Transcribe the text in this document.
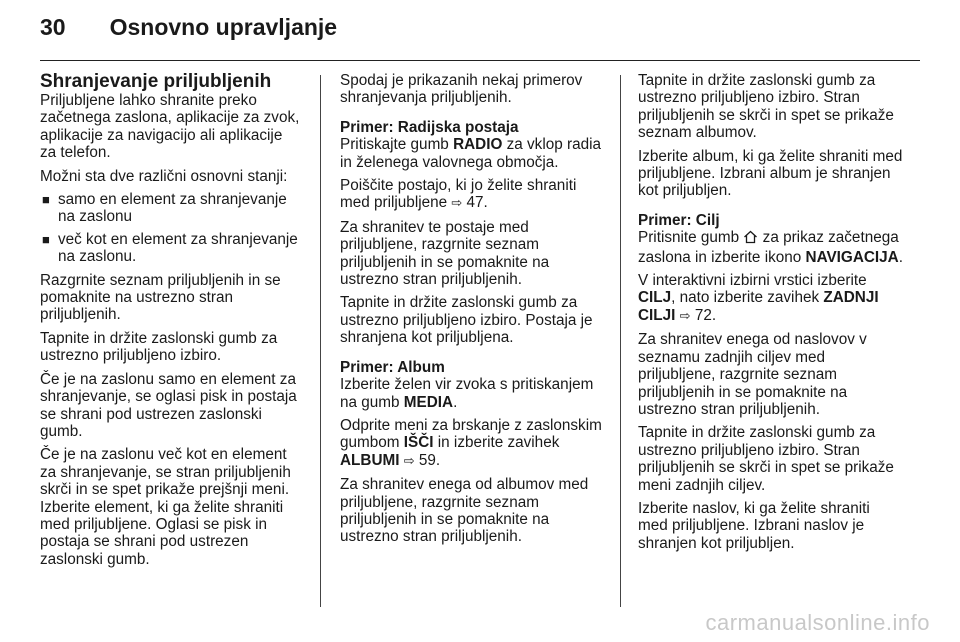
30 Osnovno upravljanje
Shranjevanje priljubljenih

Priljubljene lahko shranite preko začetnega zaslona, aplikacije za zvok, aplikacije za navigacijo ali aplikacije za telefon.

Možni sta dve različni osnovni stanji:

■ samo en element za shranjevanje na zaslonu
■ več kot en element za shranjevanje na zaslonu.

Razgrnite seznam priljubljenih in se pomaknite na ustrezno stran priljubljenih.

Tapnite in držite zaslonski gumb za ustrezno priljubljeno izbiro.

Če je na zaslonu samo en element za shranjevanje, se oglasi pisk in postaja se shrani pod ustrezen zaslonski gumb.

Če je na zaslonu več kot en element za shranjevanje, se stran priljubljenih skrči in se spet prikaže prejšnji meni. Izberite element, ki ga želite shraniti med priljubljene. Oglasi se pisk in postaja se shrani pod ustrezen zaslonski gumb.

Spodaj je prikazanih nekaj primerov shranjevanja priljubljenih.

Primer: Radijska postaja

Pritiskajte gumb RADIO za vklop radia in želenega valovnega območja.

Poiščite postajo, ki jo želite shraniti med priljubljene ⇨ 47.

Za shranitev te postaje med priljubljene, razgrnite seznam priljubljenih in se pomaknite na ustrezno stran priljubljenih.

Tapnite in držite zaslonski gumb za ustrezno priljubljeno izbiro. Postaja je shranjena kot priljubljena.

Primer: Album

Izberite želen vir zvoka s pritiskanjem na gumb MEDIA.

Odprite meni za brskanje z zaslonskim gumbom IŠČI in izberite zavihek ALBUMI ⇨ 59.

Za shranitev enega od albumov med priljubljene, razgrnite seznam priljubljenih in se pomaknite na ustrezno stran priljubljenih.

Tapnite in držite zaslonski gumb za ustrezno priljubljeno izbiro. Stran priljubljenih se skrči in spet se prikaže seznam albumov.

Izberite album, ki ga želite shraniti med priljubljene. Izbrani album je shranjen kot priljubljen.

Primer: Cilj

Pritisnite gumb  za prikaz začetnega zaslona in izberite ikono NAVIGACIJA.

V interaktivni izbirni vrstici izberite CILJ, nato izberite zavihek ZADNJI CILJI ⇨ 72.

Za shranitev enega od naslovov v seznamu zadnjih ciljev med priljubljene, razgrnite seznam priljubljenih in se pomaknite na ustrezno stran priljubljenih.

Tapnite in držite zaslonski gumb za ustrezno priljubljeno izbiro. Stran priljubljenih se skrči in spet se prikaže meni zadnjih ciljev.

Izberite naslov, ki ga želite shraniti med priljubljene. Izbrani naslov je shranjen kot priljubljen.

carmanualsonline.info
